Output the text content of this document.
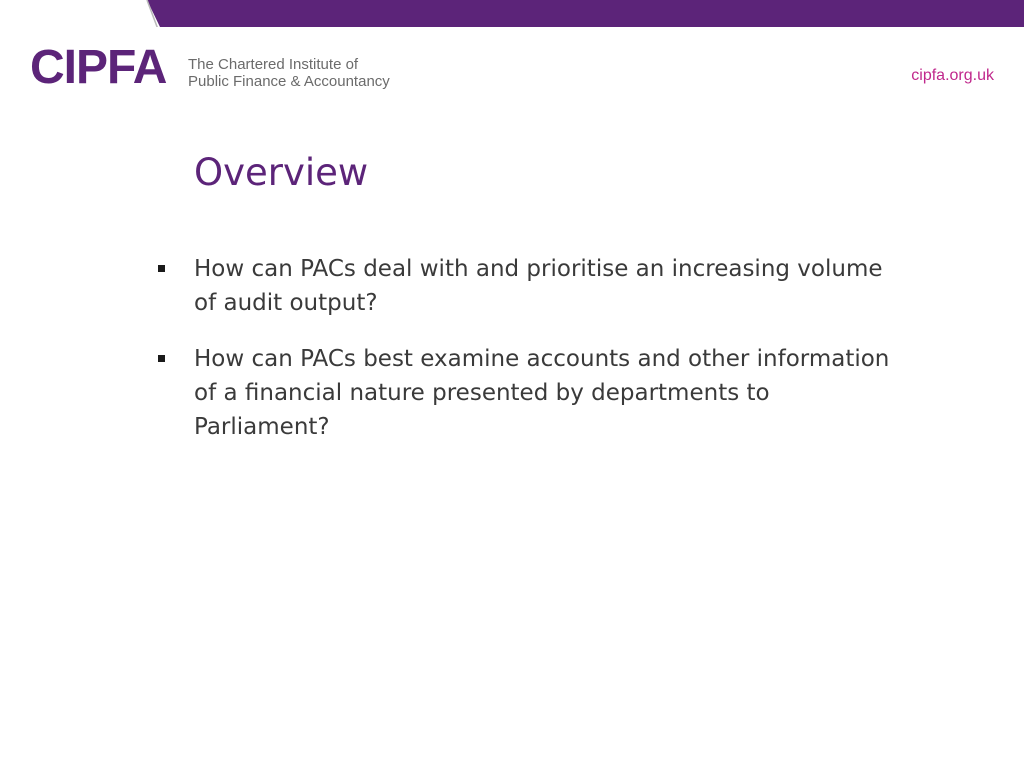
CIPFA The Chartered Institute of
Public Finance & Accountancy	cipfa.org.uk
Overview
How can PACs deal with and prioritise an increasing volume of audit output?
How can PACs best examine accounts and other information of a financial nature presented by departments to Parliament?
